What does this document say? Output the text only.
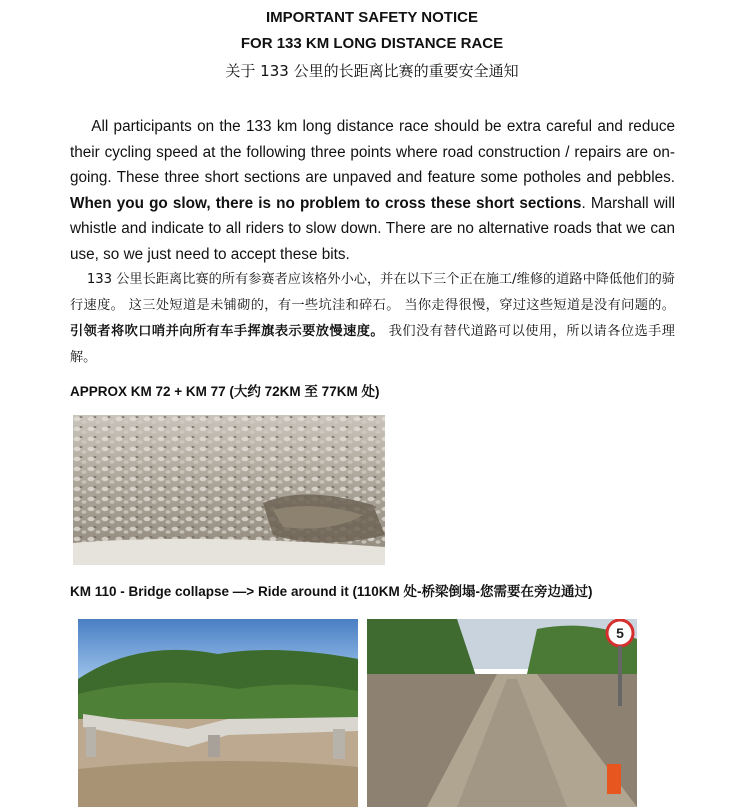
IMPORTANT SAFETY NOTICE
FOR 133 KM LONG DISTANCE RACE
关于 133 公里的长距离比赛的重要安全通知
All participants on the 133 km long distance race should be extra careful and reduce their cycling speed at the following three points where road construction / repairs are on-going. These three short sections are unpaved and feature some potholes and pebbles. When you go slow, there is no problem to cross these short sections. Marshall will whistle and indicate to all riders to slow down. There are no alternative roads that we can use, so we just need to accept these bits.
133 公里长距离比赛的所有参赛者应该格外小心，并在以下三个正在施工/维修的道路中降低他们的骑行速度。 这三处短道是未铺砌的，有一些坑洼和碎石。 当你走得很慢，穿过这些短道是没有问题的。 引领者将吹口哨并向所有车手挥旗表示要放慢速度。 我们没有替代道路可以使用，所以请各位选手理解。
APPROX KM 72 + KM 77 (大约 72KM 至 77KM 处)
KM 110 - Bridge collapse —> Ride around it (110KM 处-桥梁倒塌-您需要在旁边通过)
5
